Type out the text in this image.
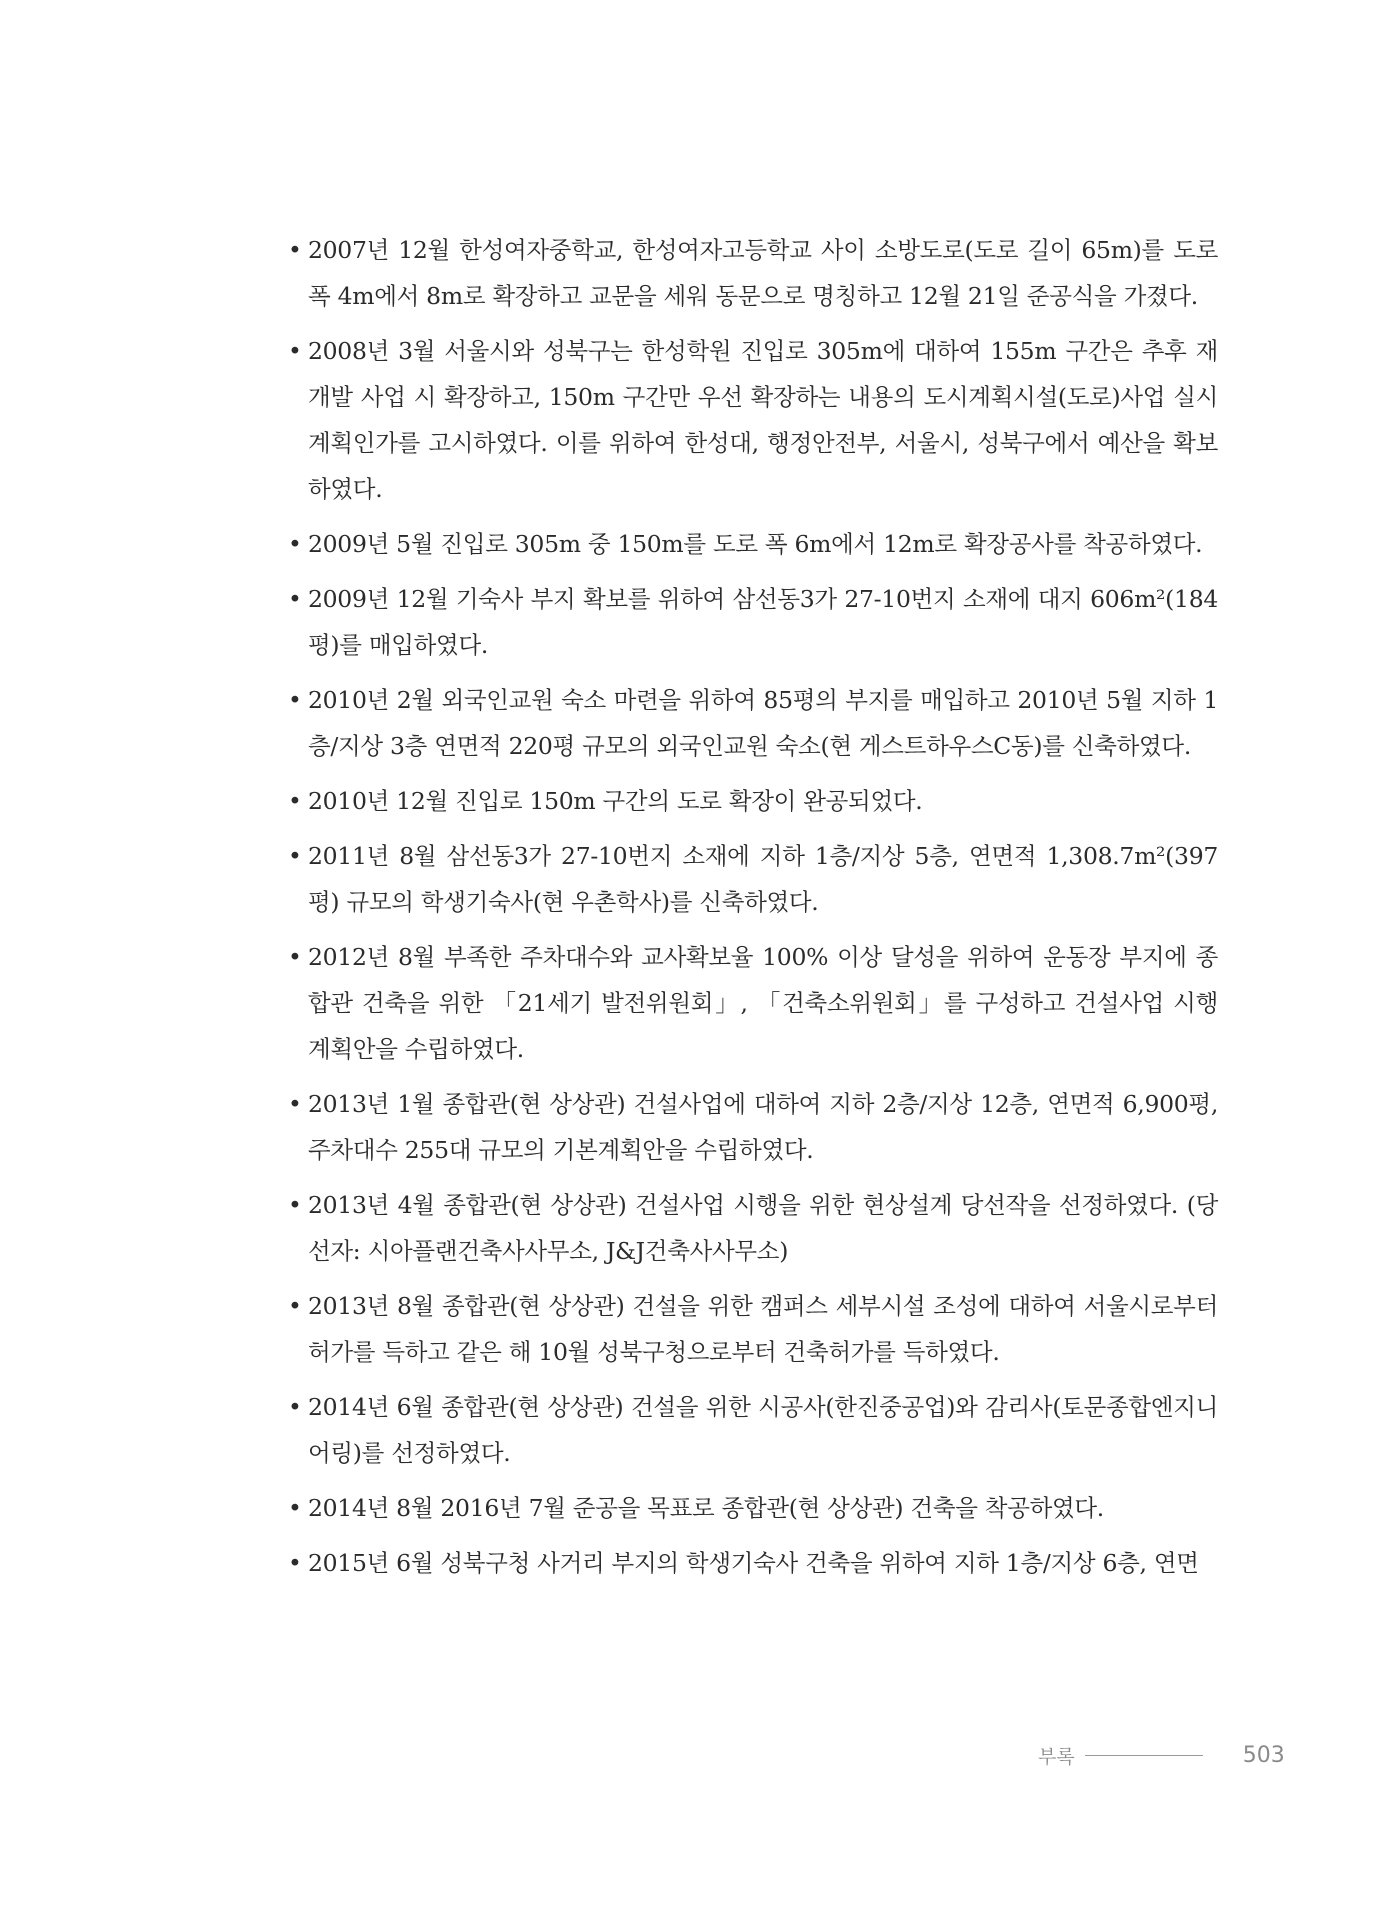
• 2007년 12월 한성여자중학교, 한성여자고등학교 사이 소방도로(도로 길이 65m)를 도로 폭 4m에서 8m로 확장하고 교문을 세워 동문으로 명칭하고 12월 21일 준공식을 가졌다.
• 2008년 3월 서울시와 성북구는 한성학원 진입로 305m에 대하여 155m 구간은 추후 재개발 사업 시 확장하고, 150m 구간만 우선 확장하는 내용의 도시계획시설(도로)사업 실시계획인가를 고시하였다. 이를 위하여 한성대, 행정안전부, 서울시, 성북구에서 예산을 확보하였다.
• 2009년 5월 진입로 305m 중 150m를 도로 폭 6m에서 12m로 확장공사를 착공하였다.
• 2009년 12월 기숙사 부지 확보를 위하여 삼선동3가 27-10번지 소재에 대지 606m²(184평)를 매입하였다.
• 2010년 2월 외국인교원 숙소 마련을 위하여 85평의 부지를 매입하고 2010년 5월 지하 1층/지상 3층 연면적 220평 규모의 외국인교원 숙소(현 게스트하우스C동)를 신축하였다.
• 2010년 12월 진입로 150m 구간의 도로 확장이 완공되었다.
• 2011년 8월 삼선동3가 27-10번지 소재에 지하 1층/지상 5층, 연면적 1,308.7m²(397평) 규모의 학생기숙사(현 우촌학사)를 신축하였다.
• 2012년 8월 부족한 주차대수와 교사확보율 100% 이상 달성을 위하여 운동장 부지에 종합관 건축을 위한 「21세기 발전위원회」, 「건축소위원회」를 구성하고 건설사업 시행 계획안을 수립하였다.
• 2013년 1월 종합관(현 상상관) 건설사업에 대하여 지하 2층/지상 12층, 연면적 6,900평, 주차대수 255대 규모의 기본계획안을 수립하였다.
• 2013년 4월 종합관(현 상상관) 건설사업 시행을 위한 현상설계 당선작을 선정하였다. (당선자: 시아플랜건축사사무소, J&J건축사사무소)
• 2013년 8월 종합관(현 상상관) 건설을 위한 캠퍼스 세부시설 조성에 대하여 서울시로부터 허가를 득하고 같은 해 10월 성북구청으로부터 건축허가를 득하였다.
• 2014년 6월 종합관(현 상상관) 건설을 위한 시공사(한진중공업)와 감리사(토문종합엔지니어링)를 선정하였다.
• 2014년 8월 2016년 7월 준공을 목표로 종합관(현 상상관) 건축을 착공하였다.
• 2015년 6월 성북구청 사거리 부지의 학생기숙사 건축을 위하여 지하 1층/지상 6층, 연면
부록	503
